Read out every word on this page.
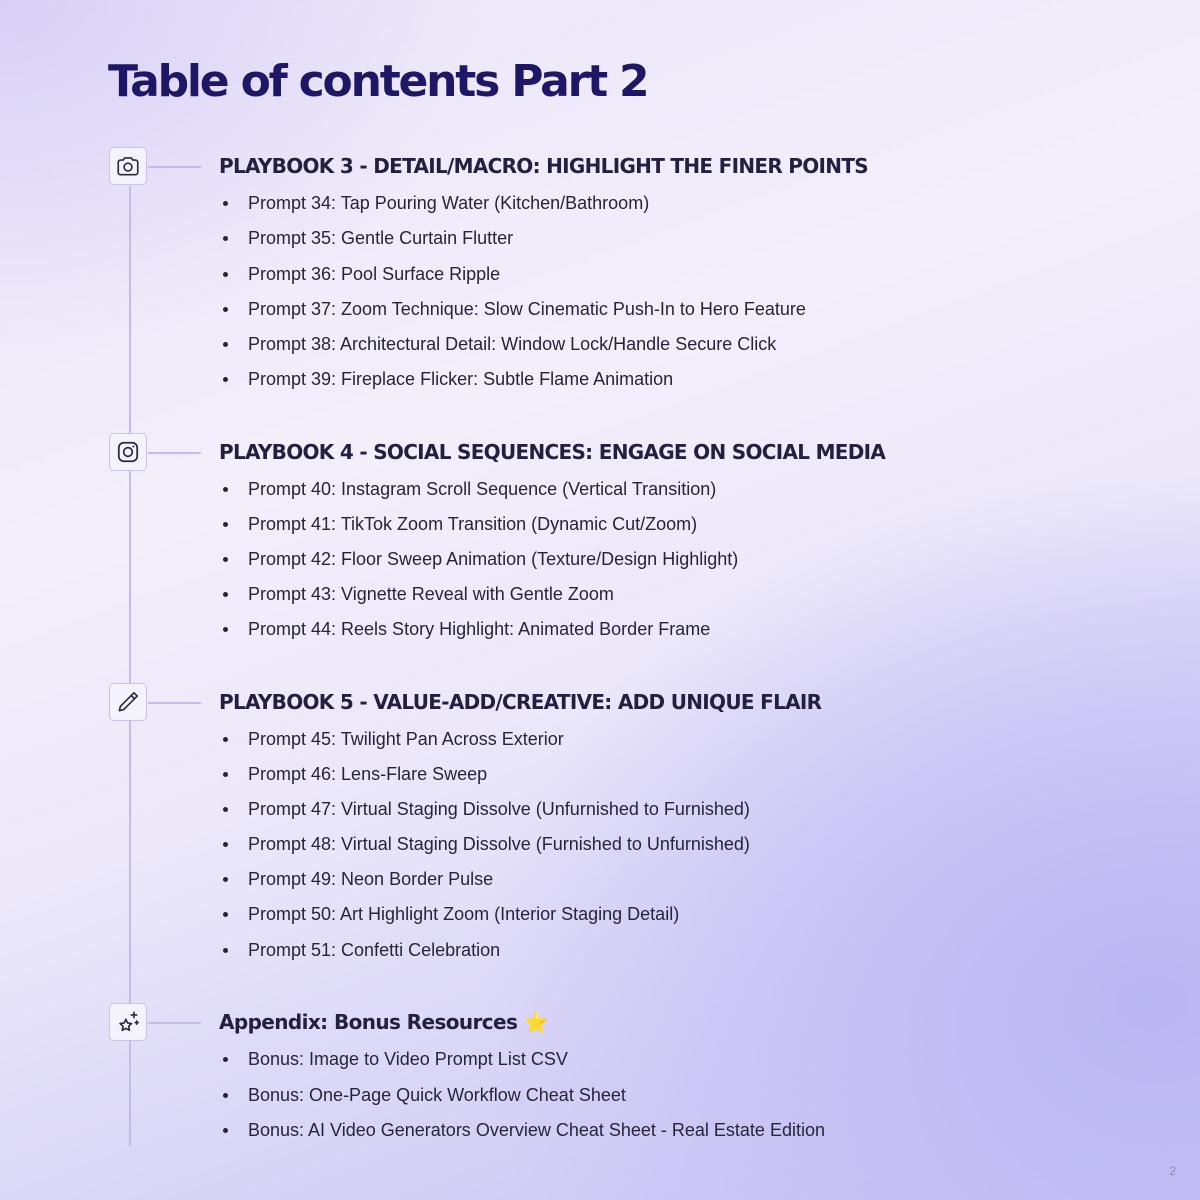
Table of contents Part 2
PLAYBOOK 3 - DETAIL/MACRO: HIGHLIGHT THE FINER POINTS
Prompt 34: Tap Pouring Water (Kitchen/Bathroom)
Prompt 35: Gentle Curtain Flutter
Prompt 36: Pool Surface Ripple
Prompt 37: Zoom Technique: Slow Cinematic Push-In to Hero Feature
Prompt 38: Architectural Detail: Window Lock/Handle Secure Click
Prompt 39: Fireplace Flicker: Subtle Flame Animation
PLAYBOOK 4 - SOCIAL SEQUENCES: ENGAGE ON SOCIAL MEDIA
Prompt 40: Instagram Scroll Sequence (Vertical Transition)
Prompt 41: TikTok Zoom Transition (Dynamic Cut/Zoom)
Prompt 42: Floor Sweep Animation (Texture/Design Highlight)
Prompt 43: Vignette Reveal with Gentle Zoom
Prompt 44: Reels Story Highlight: Animated Border Frame
PLAYBOOK 5 - VALUE-ADD/CREATIVE: ADD UNIQUE FLAIR
Prompt 45: Twilight Pan Across Exterior
Prompt 46: Lens-Flare Sweep
Prompt 47: Virtual Staging Dissolve (Unfurnished to Furnished)
Prompt 48: Virtual Staging Dissolve (Furnished to Unfurnished)
Prompt 49: Neon Border Pulse
Prompt 50: Art Highlight Zoom (Interior Staging Detail)
Prompt 51: Confetti Celebration
Appendix: Bonus Resources ⭐
Bonus: Image to Video Prompt List CSV
Bonus: One-Page Quick Workflow Cheat Sheet
Bonus: AI Video Generators Overview Cheat Sheet - Real Estate Edition
2
